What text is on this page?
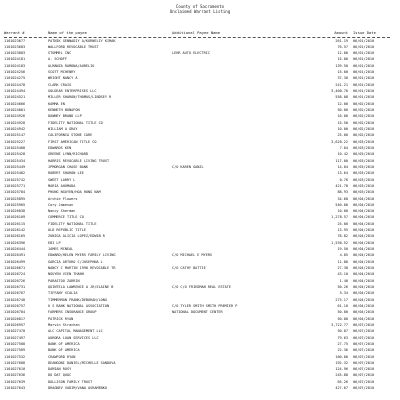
County of Sacramento
Unclaimed Warrant Listing
Warrant #	Name of the payee	Additional Payee Name	Amount Issue Date
1101023677	PATNIK GENNADIY A/KORNELIY KIMAK	261.19 06/01/2010
1101023683	WALLFORD REVOCABLE TRUST	76.57 06/01/2010
1101023883	STOMMEL INC	LEHR AUTO ELECTRIC	12.00 06/01/2010
1101024181	A. SCHOFF	15.00 06/01/2010
1101024183	ALMANZA RAMONA/AURELIO	139.50 06/01/2010
1101024256	SCOTT MCHENRY	15.00 06/01/2010
1101024275	WRIGHT NANCY A	37.30 06/01/2010
1101024478	CLARK CRAIG	241.21 06/01/2010
1101024494	GOLDEAR ENTERPRISES LLC	3,400.70 06/01/2010
1101024521	MILLER SHARON/THOMAS/LINDSEY R	558.08 06/01/2010
1101024666	KAMMA EN	12.00 06/02/2010
1101024801	KENNETH BONAFON	50.00 06/02/2010
1101024926	DOWNEY BRAND LLP	16.00 06/02/2010
1101024928	FIDELITY NATIONAL TITLE CO	15.50 06/02/2010
1101024942	WILLIAM A GRAY	10.00 06/02/2010
1101025147	CALIFORNIA STONE CARE	25.00 06/02/2010
1101025227	FIRST AMERICAN TITLE CO	3,628.22 06/03/2010
1101025408	EDWARDS KEN	7.04 06/03/2010
1101025428	GREENE LYNN/RICHARD	10.42 06/03/2010
1101025434	HARRIS REVOCABLE LIVING TRUST	117.00 06/03/2010
1101025449	JPMORGAN CHASE BANK	C/O KAREN GANZL	14.04 06/03/2010
1101025482	ROBERT SHARON LEE	13.64 06/03/2010
1101025742	SWEET LARRY L	0.76 06/03/2010
1101025771	MARIA AHUMADA	421.78 06/03/2010
1101025784	PHUNG NGUYEN/HOA HONG NAM	88.93 06/03/2010
1101025895	Archie Flowers	34.68 06/04/2010
1101025905	Cory Jameson	540.00 06/04/2010
1101026038	Nancy Sherman	10.00 06/04/2010
1101026109	COMMERCE TITLE CO	1,278.57 06/04/2010
1101026115	FIDELITY NATIONAL TITLE	25.00 06/04/2010
1101026142	OLD REPUBLIC TITLE	13.95 06/04/2010
1101026165	ZUNIGA ALICIA LOPEZ/EDWIN R	78.82 06/04/2010
1101026396	EBI LP	1,536.52 06/04/2010
1101026444	JAMES MCNEAL	19.50 06/04/2010
1101026491	EDWARD/HELEN MYERS FAMILY LIVING	C/O MICHAEL E MYERS	4.85 06/04/2010
1101026499	GARCIA ARTURO C/JOSEPHNA L	11.80 06/04/2010
1101026671	NANCY C MARTIN 1990 REVOCABLE TR	C/O CATHY BATTIE	27.38 06/04/2010
1101026724	NGUYEN VIEN THANH	43.10 06/04/2010
1101026726	PARASTOO ZARRIN	1.40 06/04/2010
1101026731	QUINTELA LAWRENCE A JR/ELAINE B	C/O C/O FRIEDMAN REAL ESTATE	50.26 06/04/2010
1101026767	TIFFANY SCALIA	5.34 06/04/2010
1101026748	TIMMERMAN FRANK/DEBORAH/LONG	273.17 06/04/2010
1101026757	U S BANK NATIONAL ASSOCIATION	C/O TYLER SMITH SMITH PREMIER P	61.10 06/04/2010
1101026784	FARMERS INSURANCE GROUP	NATIONAL DOCUMENT CENTER	50.00 06/04/2010
1101026817	PATRICK RYAN	50.00 06/04/2010
1101026957	Marvin Strachan	3,722.77 06/07/2010
1101027470	ALC CAPITAL MANAGEMENT LLC	50.87 06/07/2010
1101027497	AURORA LOAN SERVICES LLC	79.63 06/07/2010
1101027508	BANK OF AMERICA	27.75 06/07/2010
1101027509	BANK OF AMERICA	22.36 06/07/2010
1101027532	CRAWFORD RYAN	160.00 06/07/2010
1101027608	DEANGONI DANIEL/MICHELLE SANDOVA	192.32 06/07/2010
1101027610	DAMIAN RUSY	124.96 06/07/2010
1101027636	DO DAT QUOC	245.88 06/07/2010
1101027639	DOLLISON FAMILY TRUST	65.26 06/07/2010
1101027643	DRAGNEV VADIM/VANA AVRAMENKO	427.67 06/07/2010
